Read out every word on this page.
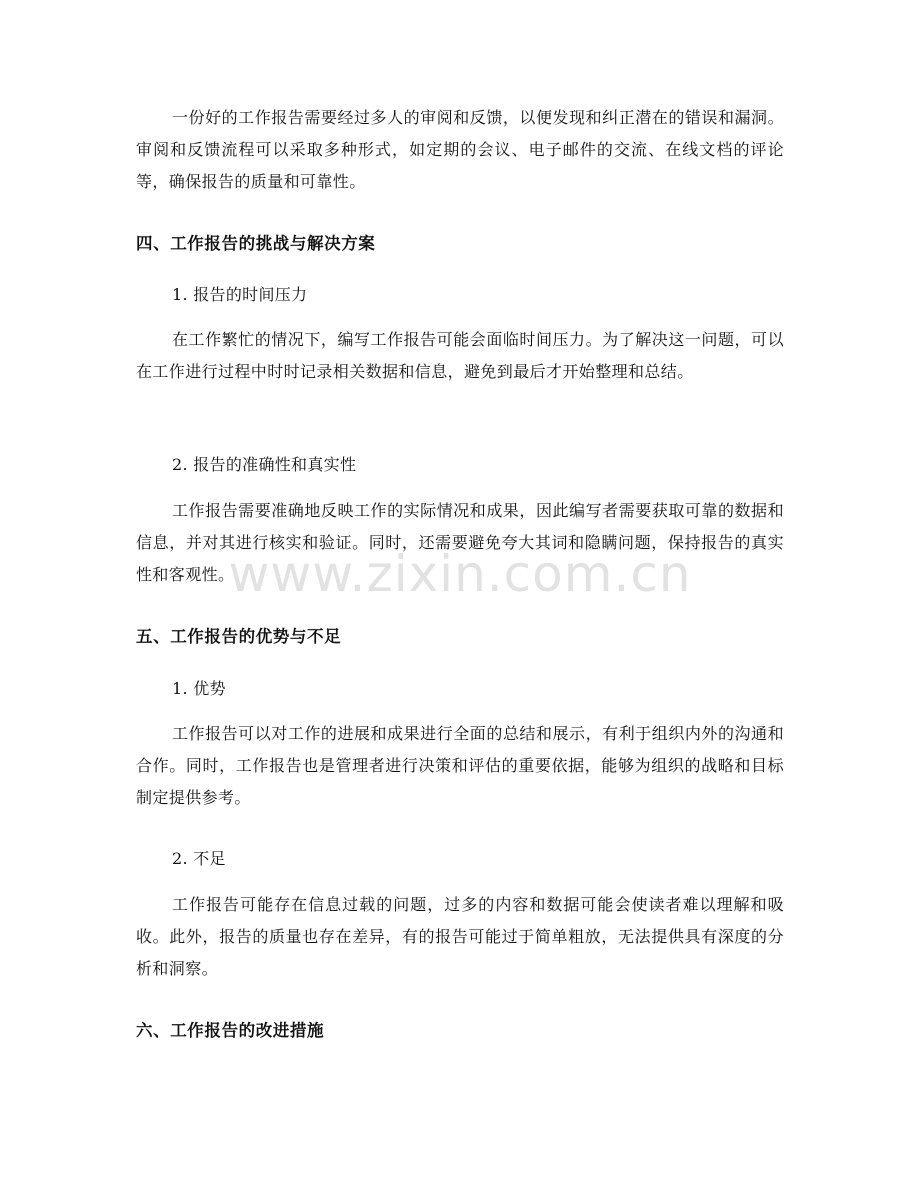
www.zixin.com.cn
一份好的工作报告需要经过多人的审阅和反馈，以便发现和纠正潜在的错误和漏洞。审阅和反馈流程可以采取多种形式，如定期的会议、电子邮件的交流、在线文档的评论等，确保报告的质量和可靠性。
四、工作报告的挑战与解决方案
1. 报告的时间压力
在工作繁忙的情况下，编写工作报告可能会面临时间压力。为了解决这一问题，可以在工作进行过程中时时记录相关数据和信息，避免到最后才开始整理和总结。
2. 报告的准确性和真实性
工作报告需要准确地反映工作的实际情况和成果，因此编写者需要获取可靠的数据和信息，并对其进行核实和验证。同时，还需要避免夸大其词和隐瞒问题，保持报告的真实性和客观性。
五、工作报告的优势与不足
1. 优势
工作报告可以对工作的进展和成果进行全面的总结和展示，有利于组织内外的沟通和合作。同时，工作报告也是管理者进行决策和评估的重要依据，能够为组织的战略和目标制定提供参考。
2. 不足
工作报告可能存在信息过载的问题，过多的内容和数据可能会使读者难以理解和吸收。此外，报告的质量也存在差异，有的报告可能过于简单粗放，无法提供具有深度的分析和洞察。
六、工作报告的改进措施
